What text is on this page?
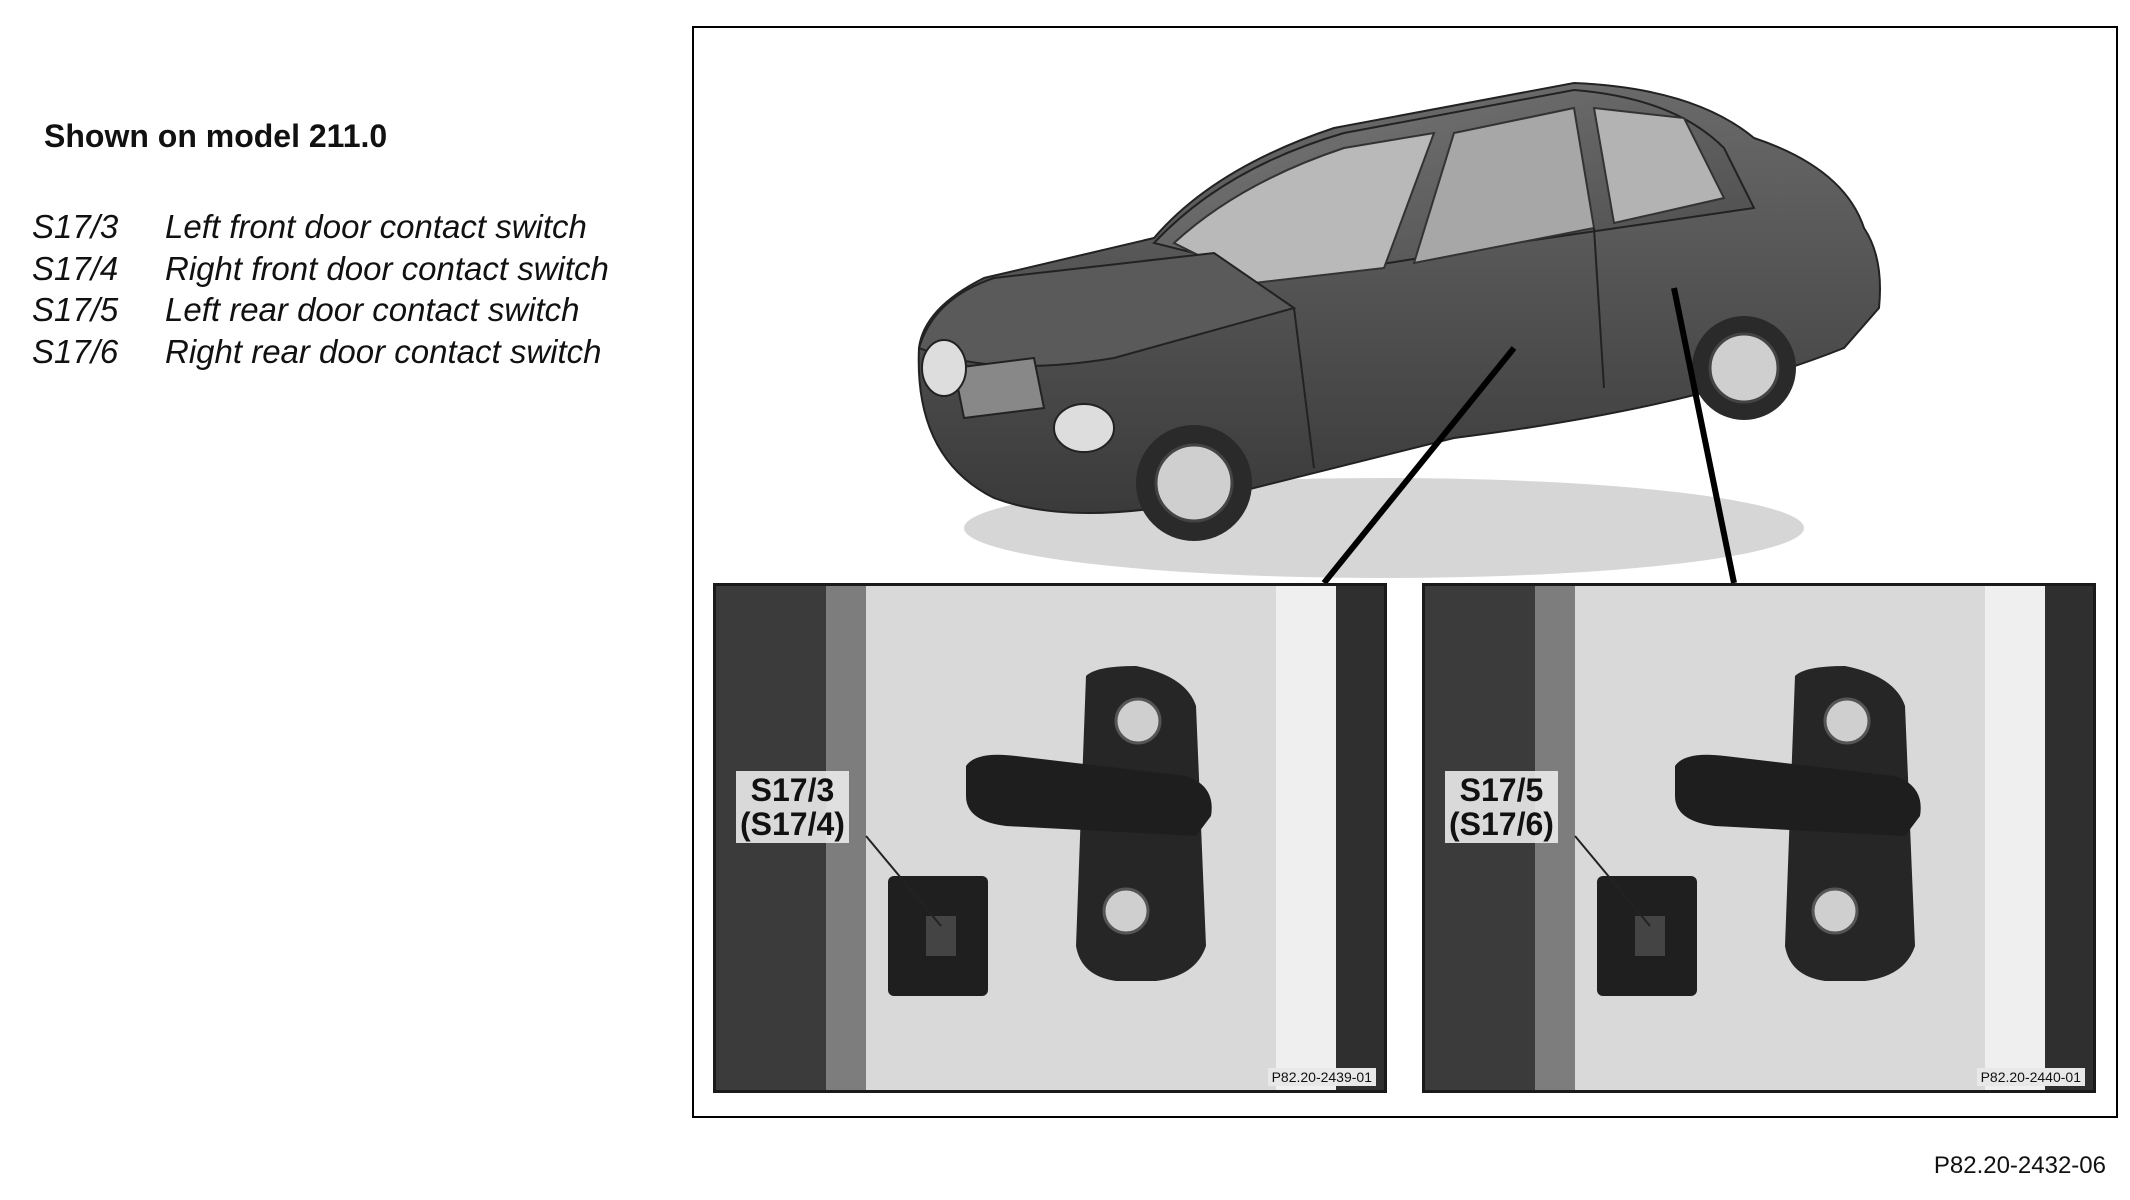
Shown on model 211.0
S17/3 Left front door contact switch
S17/4 Right front door contact switch
S17/5 Left rear door contact switch
S17/6 Right rear door contact switch
S17/3
(S17/4)
P82.20-2439-01
S17/5
(S17/6)
P82.20-2440-01
P82.20-2432-06
